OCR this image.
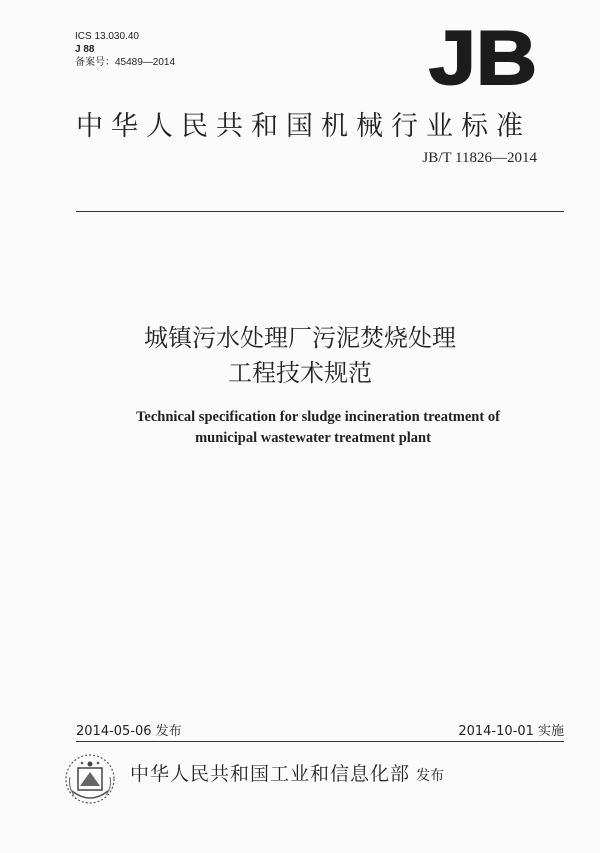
ICS 13.030.40
J 88
备案号：45489—2014	JB
中华人民共和国机械行业标准
JB/T 11826—2014
城镇污水处理厂污泥焚烧处理
工程技术规范
Technical specification for sludge incineration treatment of
municipal wastewater treatment plant
2014-05-06 发布	2014-10-01 实施
中华人民共和国工业和信息化部 发布
